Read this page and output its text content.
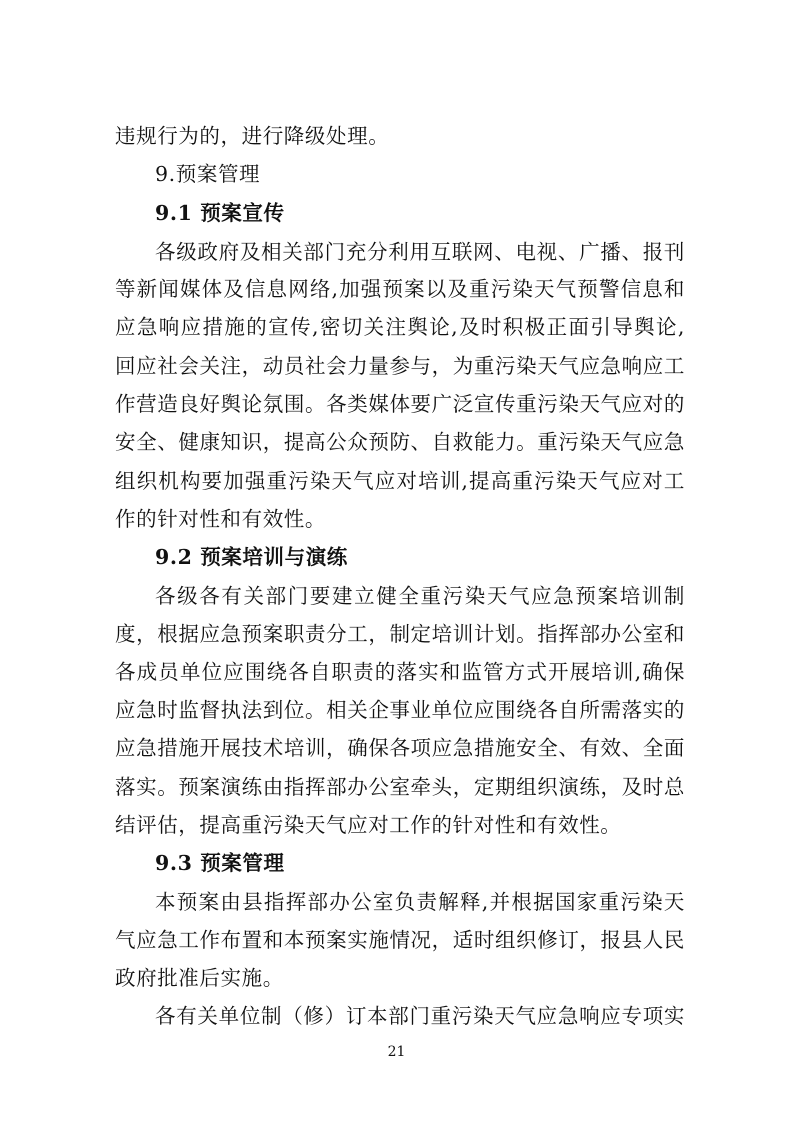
违规行为的，进行降级处理。
9.预案管理
9.1 预案宣传
各级政府及相关部门充分利用互联网、电视、广播、报刊
等新闻媒体及信息网络,加强预案以及重污染天气预警信息和
应急响应措施的宣传,密切关注舆论,及时积极正面引导舆论,
回应社会关注，动员社会力量参与，为重污染天气应急响应工
作营造良好舆论氛围。各类媒体要广泛宣传重污染天气应对的
安全、健康知识，提高公众预防、自救能力。重污染天气应急
组织机构要加强重污染天气应对培训,提高重污染天气应对工
作的针对性和有效性。
9.2 预案培训与演练
各级各有关部门要建立健全重污染天气应急预案培训制
度，根据应急预案职责分工，制定培训计划。指挥部办公室和
各成员单位应围绕各自职责的落实和监管方式开展培训,确保
应急时监督执法到位。相关企事业单位应围绕各自所需落实的
应急措施开展技术培训，确保各项应急措施安全、有效、全面
落实。预案演练由指挥部办公室牵头，定期组织演练，及时总
结评估，提高重污染天气应对工作的针对性和有效性。
9.3 预案管理
本预案由县指挥部办公室负责解释,并根据国家重污染天
气应急工作布置和本预案实施情况，适时组织修订，报县人民
政府批准后实施。
各有关单位制（修）订本部门重污染天气应急响应专项实
21
